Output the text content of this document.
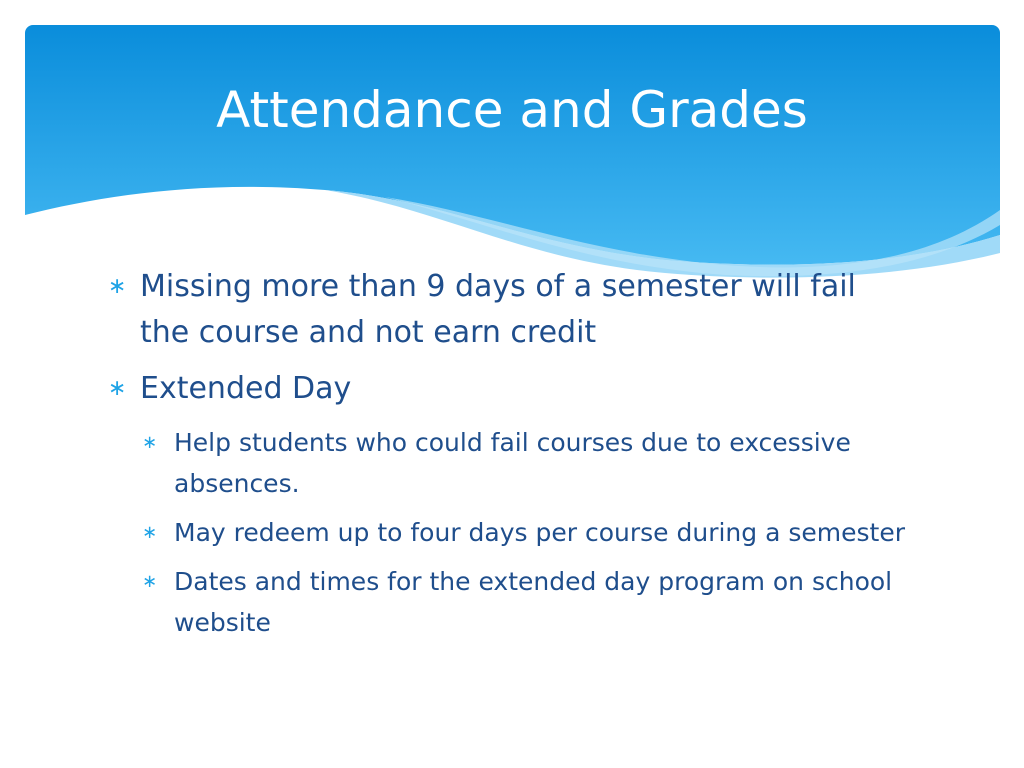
Attendance and Grades
∗ Missing more than 9 days of a semester will fail the course and not earn credit
∗ Extended Day
∗ Help students who could fail courses due to excessive absences.
∗ May redeem up to four days per course during a semester
∗ Dates and times for the extended day program on school website
